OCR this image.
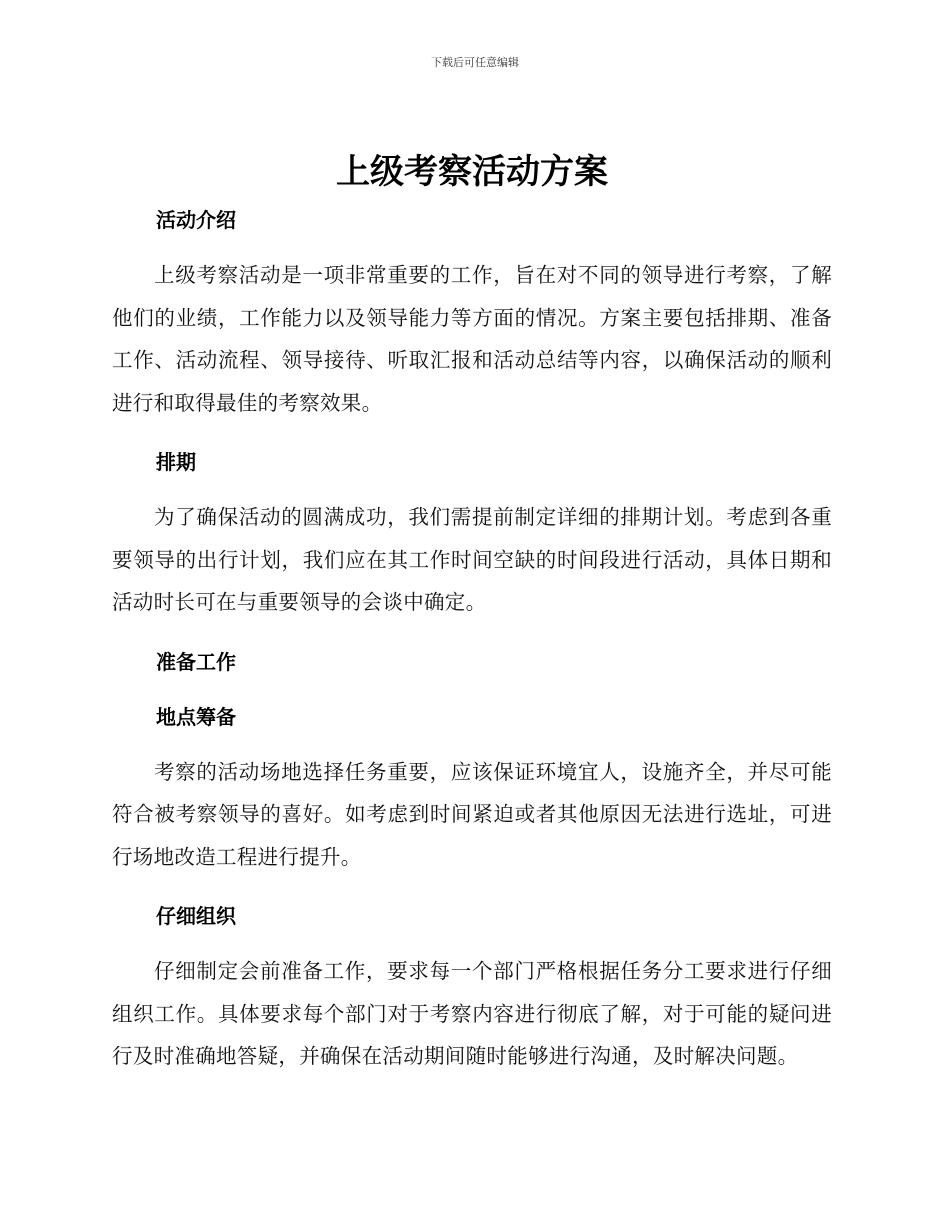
下载后可任意编辑
上级考察活动方案
活动介绍

上级考察活动是一项非常重要的工作，旨在对不同的领导进行考察，了解他们的业绩，工作能力以及领导能力等方面的情况。方案主要包括排期、准备工作、活动流程、领导接待、听取汇报和活动总结等内容，以确保活动的顺利进行和取得最佳的考察效果。

排期

为了确保活动的圆满成功，我们需提前制定详细的排期计划。考虑到各重要领导的出行计划，我们应在其工作时间空缺的时间段进行活动，具体日期和活动时长可在与重要领导的会谈中确定。

准备工作
地点筹备

考察的活动场地选择任务重要，应该保证环境宜人，设施齐全，并尽可能符合被考察领导的喜好。如考虑到时间紧迫或者其他原因无法进行选址，可进行场地改造工程进行提升。

仔细组织

仔细制定会前准备工作，要求每一个部门严格根据任务分工要求进行仔细组织工作。具体要求每个部门对于考察内容进行彻底了解，对于可能的疑问进行及时准确地答疑，并确保在活动期间随时能够进行沟通，及时解决问题。
